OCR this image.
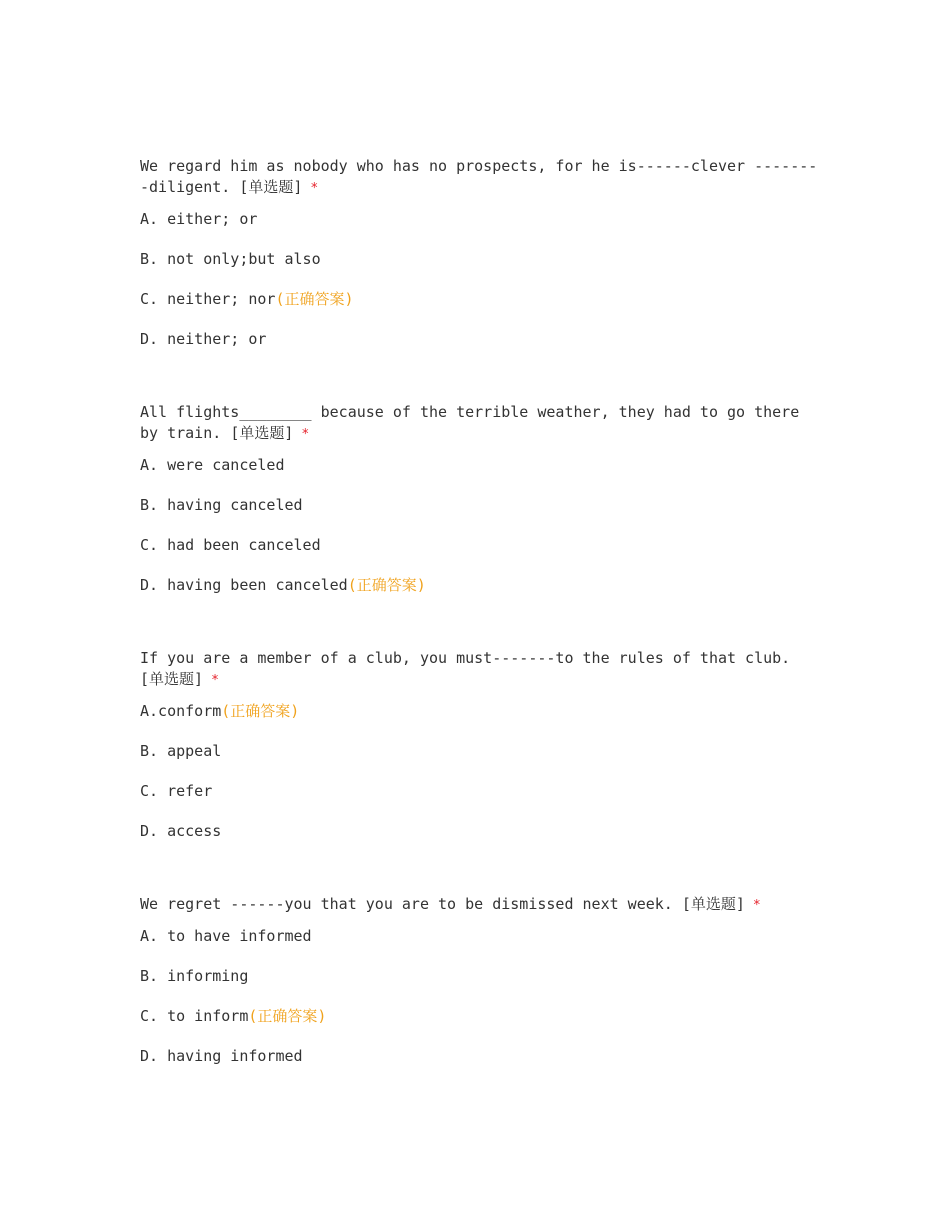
We regard him as nobody who has no prospects, for he is------clever --------diligent. [单选题] *
A. either; or
B. not only;but also
C. neither; nor(正确答案)
D. neither; or
All flights________ because of the terrible weather, they had to go there by train. [单选题] *
A. were canceled
B. having canceled
C. had been canceled
D. having been canceled(正确答案)
If you are a member of a club, you must-------to the rules of that club. [单选题] *
A.conform(正确答案)
B. appeal
C. refer
D. access
We regret ------you that you are to be dismissed next week. [单选题] *
A. to have informed
B. informing
C. to inform(正确答案)
D. having informed
